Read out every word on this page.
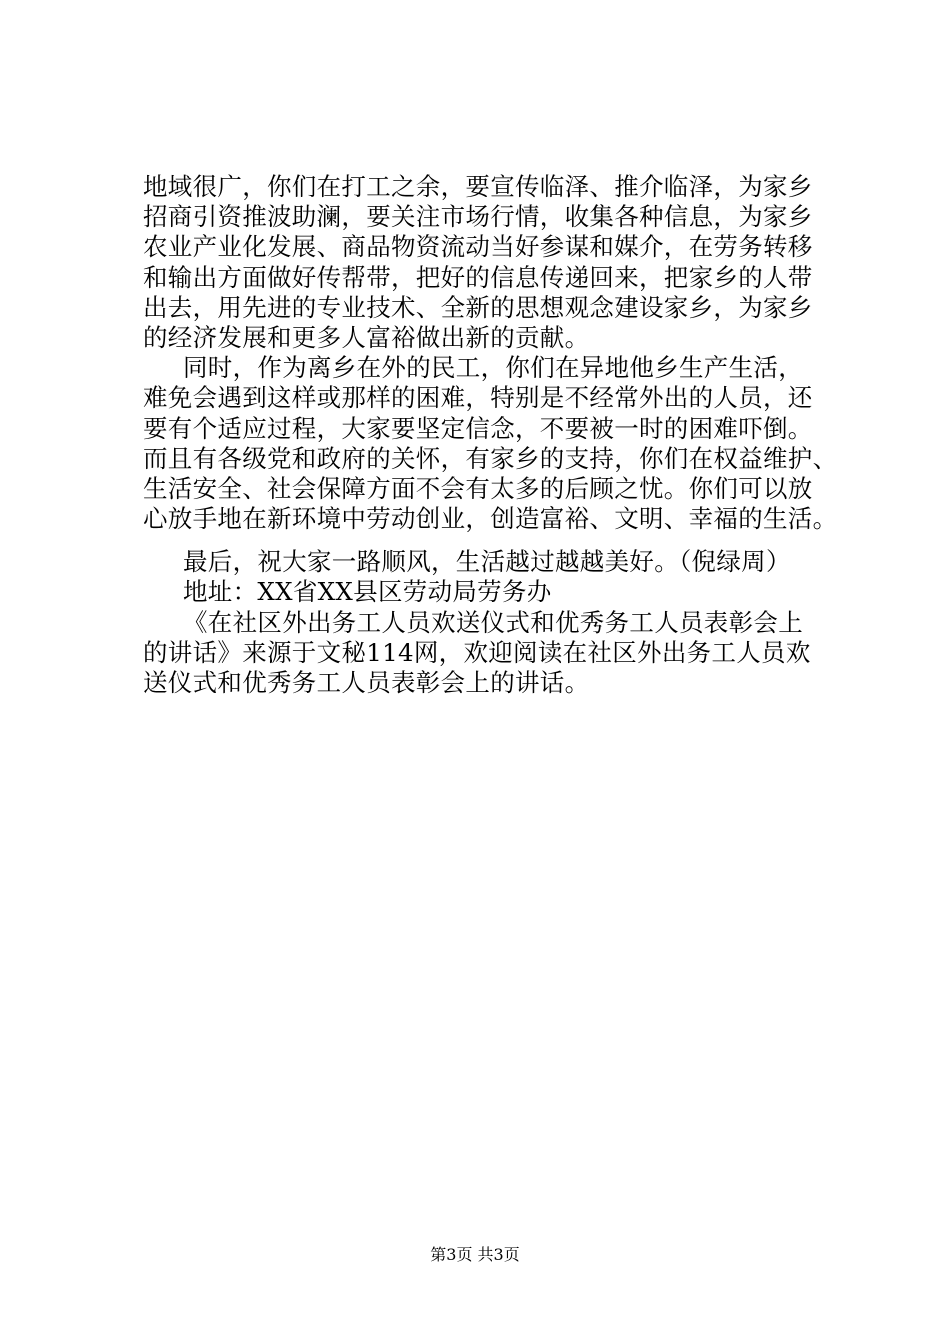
地域很广，你们在打工之余，要宣传临泽、推介临泽，为家乡
招商引资推波助澜，要关注市场行情，收集各种信息，为家乡
农业产业化发展、商品物资流动当好参谋和媒介，在劳务转移
和输出方面做好传帮带，把好的信息传递回来，把家乡的人带
出去，用先进的专业技术、全新的思想观念建设家乡，为家乡
的经济发展和更多人富裕做出新的贡献。
同时，作为离乡在外的民工，你们在异地他乡生产生活，
难免会遇到这样或那样的困难，特别是不经常外出的人员，还
要有个适应过程，大家要坚定信念，不要被一时的困难吓倒。
而且有各级党和政府的关怀，有家乡的支持，你们在权益维护、
生活安全、社会保障方面不会有太多的后顾之忧。你们可以放
心放手地在新环境中劳动创业，创造富裕、文明、幸福的生活。
最后，祝大家一路顺风，生活越过越越美好。（倪绿周）
地址：XX省XX县区劳动局劳务办
《在社区外出务工人员欢送仪式和优秀务工人员表彰会上
的讲话》来源于文秘114网，欢迎阅读在社区外出务工人员欢
送仪式和优秀务工人员表彰会上的讲话。
第3页 共3页
